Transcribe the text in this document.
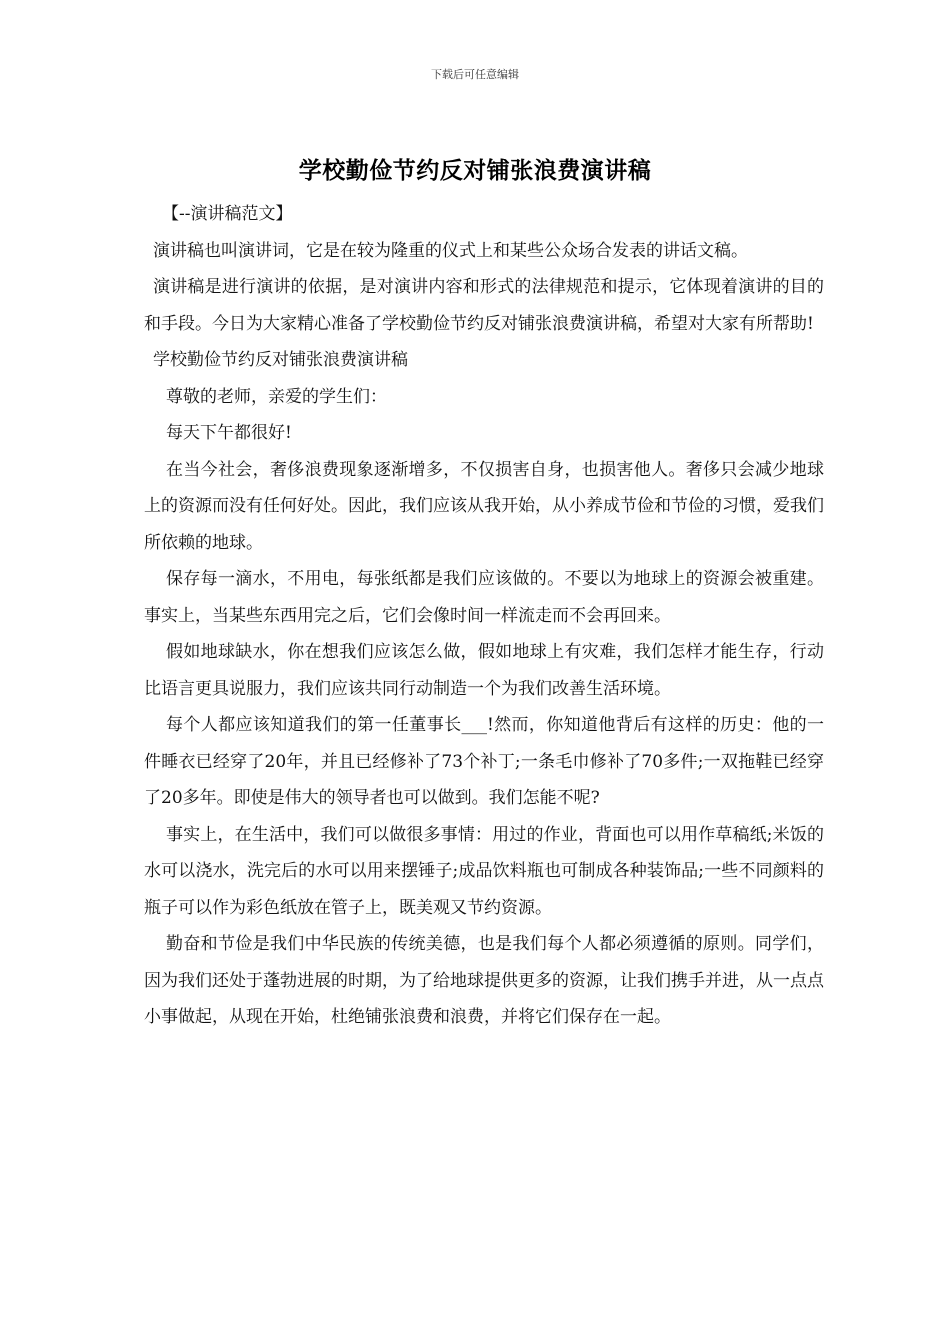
下载后可任意编辑
学校勤俭节约反对铺张浪费演讲稿

【--演讲稿范文】

演讲稿也叫演讲词，它是在较为隆重的仪式上和某些公众场合发表的讲话文稿。

演讲稿是进行演讲的依据，是对演讲内容和形式的法律规范和提示，它体现着演讲的目的和手段。今日为大家精心准备了学校勤俭节约反对铺张浪费演讲稿，希望对大家有所帮助!

学校勤俭节约反对铺张浪费演讲稿

尊敬的老师，亲爱的学生们：

每天下午都很好!

在当今社会，奢侈浪费现象逐渐增多，不仅损害自身，也损害他人。奢侈只会减少地球上的资源而没有任何好处。因此，我们应该从我开始，从小养成节俭和节俭的习惯，爱我们所依赖的地球。

保存每一滴水，不用电，每张纸都是我们应该做的。不要以为地球上的资源会被重建。事实上，当某些东西用完之后，它们会像时间一样流走而不会再回来。

假如地球缺水，你在想我们应该怎么做，假如地球上有灾难，我们怎样才能生存，行动比语言更具说服力，我们应该共同行动制造一个为我们改善生活环境。

每个人都应该知道我们的第一任董事长___!然而，你知道他背后有这样的历史：他的一件睡衣已经穿了20年，并且已经修补了73个补丁;一条毛巾修补了70多件;一双拖鞋已经穿了20多年。即使是伟大的领导者也可以做到。我们怎能不呢?

事实上，在生活中，我们可以做很多事情：用过的作业，背面也可以用作草稿纸;米饭的水可以浇水，洗完后的水可以用来摆锤子;成品饮料瓶也可制成各种装饰品;一些不同颜料的瓶子可以作为彩色纸放在管子上，既美观又节约资源。

勤奋和节俭是我们中华民族的传统美德，也是我们每个人都必须遵循的原则。同学们，因为我们还处于蓬勃进展的时期，为了给地球提供更多的资源，让我们携手并进，从一点点小事做起，从现在开始，杜绝铺张浪费和浪费，并将它们保存在一起。
